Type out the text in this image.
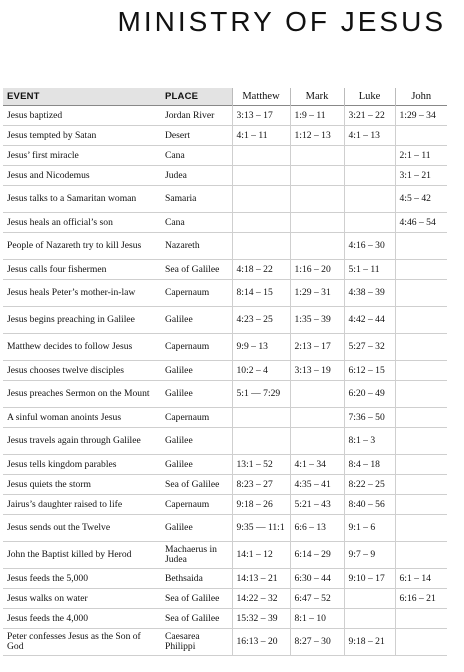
MINISTRY OF JESUS
EVENT	PLACE	Matthew	Mark	Luke	John
Jesus baptized	Jordan River	3:13 – 17	1:9 – 11	3:21 – 22	1:29 – 34
Jesus tempted by Satan	Desert	4:1 – 11	1:12 – 13	4:1 – 13	
Jesus’ first miracle	Cana				2:1 – 11
Jesus and Nicodemus	Judea				3:1 – 21
Jesus talks to a Samaritan woman	Samaria				4:5 – 42
Jesus heals an official’s son	Cana				4:46 – 54
People of Nazareth try to kill Jesus	Nazareth			4:16 – 30	
Jesus calls four fishermen	Sea of Galilee	4:18 – 22	1:16 – 20	5:1 – 11	
Jesus heals Peter’s mother-in-law	Capernaum	8:14 – 15	1:29 – 31	4:38 – 39	
Jesus begins preaching in Galilee	Galilee	4:23 – 25	1:35 – 39	4:42 – 44	
Matthew decides to follow Jesus	Capernaum	9:9 – 13	2:13 – 17	5:27 – 32	
Jesus chooses twelve disciples	Galilee	10:2 – 4	3:13 – 19	6:12 – 15	
Jesus preaches Sermon on the Mount	Galilee	5:1 — 7:29		6:20 – 49	
A sinful woman anoints Jesus	Capernaum			7:36 – 50	
Jesus travels again through Galilee	Galilee			8:1 – 3	
Jesus tells kingdom parables	Galilee	13:1 – 52	4:1 – 34	8:4 – 18	
Jesus quiets the storm	Sea of Galilee	8:23 – 27	4:35 – 41	8:22 – 25	
Jairus’s daughter raised to life	Capernaum	9:18 – 26	5:21 – 43	8:40 – 56	
Jesus sends out the Twelve	Galilee	9:35 — 11:1	6:6 – 13	9:1 – 6	
John the Baptist killed by Herod	Machaerus in Judea	14:1 – 12	6:14 – 29	9:7 – 9	
Jesus feeds the 5,000	Bethsaida	14:13 – 21	6:30 – 44	9:10 – 17	6:1 – 14
Jesus walks on water	Sea of Galilee	14:22 – 32	6:47 – 52		6:16 – 21
Jesus feeds the 4,000	Sea of Galilee	15:32 – 39	8:1 – 10		
Peter confesses Jesus as the Son of God	Caesarea Philippi	16:13 – 20	8:27 – 30	9:18 – 21	
